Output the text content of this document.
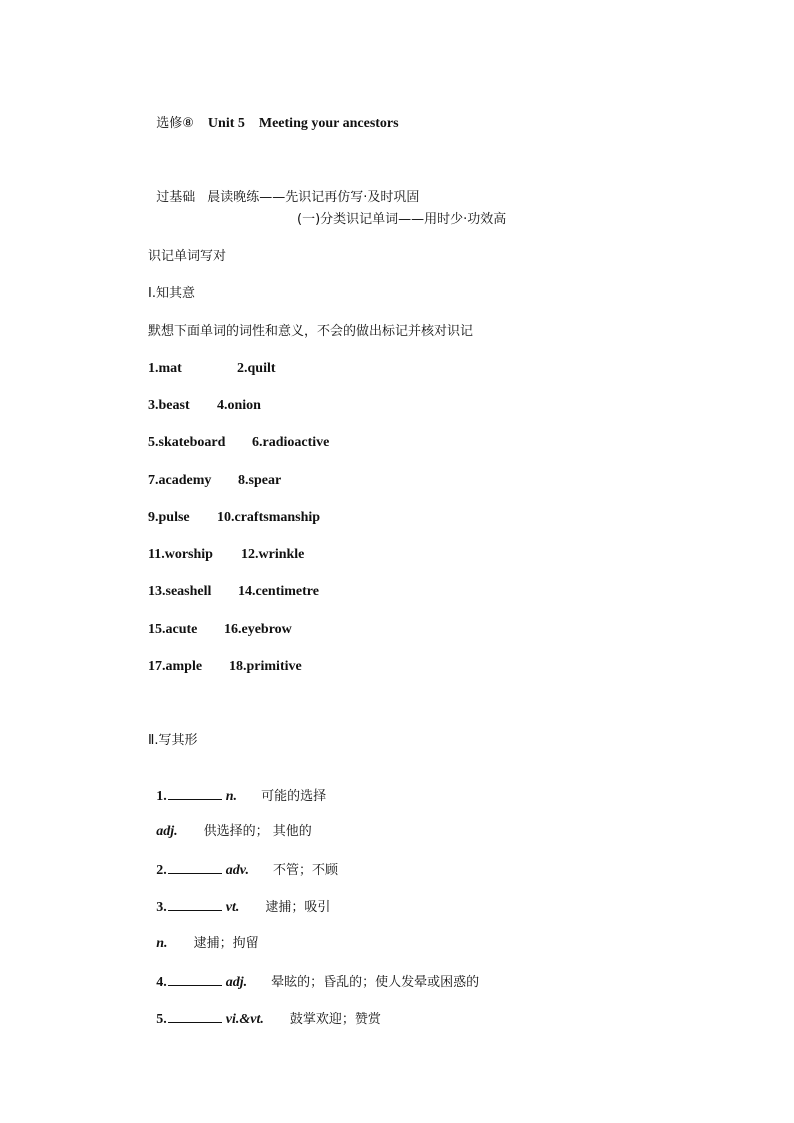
选修⑧ Unit 5 Meeting your ancestors

过基础 晨读晚练——先识记再仿写·及时巩固

(一)分类识记单词——用时少·功效高
识记单词写对
Ⅰ.知其意
默想下面单词的词性和意义，不会的做出标记并核对识记
1.mat	2.quilt
3.beast 4.onion
5.skateboard 6.radioactive
7.academy 8.spear
9.pulse 10.craftsmanship
11.worship 12.wrinkle
13.seashell 14.centimetre
15.acute 16.eyebrow
17.ample 18.primitive
Ⅱ.写其形

1.	n. 可能的选择

adj. 供选择的； 其他的

2.	adv. 不管；不顾

3.	vt. 逮捕；吸引

n. 逮捕；拘留

4.	adj. 晕眩的；昏乱的；使人发晕或困惑的

5.	vi.&vt. 鼓掌欢迎；赞赏
